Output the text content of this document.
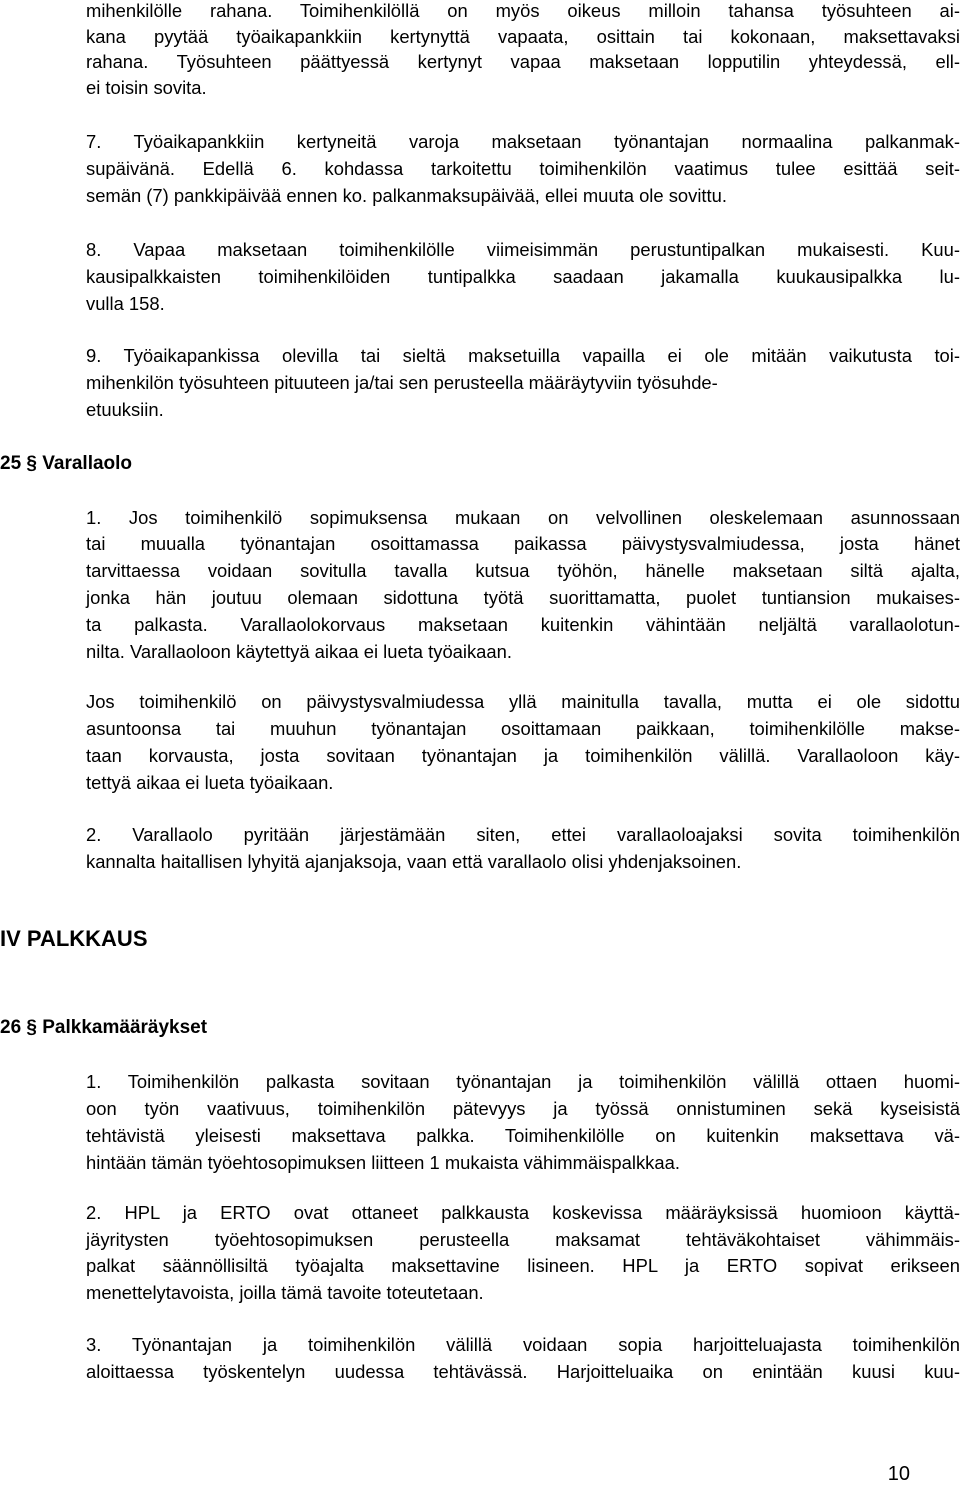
mihenkilölle rahana. Toimihenkilöllä on myös oikeus milloin tahansa työsuhteen ai-

kana pyytää työaikapankkiin kertynyttä vapaata, osittain tai kokonaan, maksettavaksi

rahana. Työsuhteen päättyessä kertynyt vapaa maksetaan lopputilin yhteydessä, ell-

ei toisin sovita.

7. Työaikapankkiin kertyneitä varoja maksetaan työnantajan normaalina palkanmak-

supäivänä. Edellä 6. kohdassa tarkoitettu toimihenkilön vaatimus tulee esittää seit-

semän (7) pankkipäivää ennen ko. palkanmaksupäivää, ellei muuta ole sovittu.

8. Vapaa maksetaan toimihenkilölle viimeisimmän perustuntipalkan mukaisesti. Kuu-

kausipalkkaisten toimihenkilöiden tuntipalkka saadaan jakamalla kuukausipalkka lu-

vulla 158.

9. Työaikapankissa olevilla tai sieltä maksetuilla vapailla ei ole mitään vaikutusta toi-

mihenkilön työsuhteen pituuteen ja/tai sen perusteella määräytyviin työsuhde-

etuuksiin.

25 § Varallaolo

1. Jos toimihenkilö sopimuksensa mukaan on velvollinen oleskelemaan asunnossaan

tai muualla työnantajan osoittamassa paikassa päivystysvalmiudessa, josta hänet

tarvittaessa voidaan sovitulla tavalla kutsua työhön, hänelle maksetaan siltä ajalta,

jonka hän joutuu olemaan sidottuna työtä suorittamatta, puolet tuntiansion mukaises-

ta palkasta. Varallaolokorvaus maksetaan kuitenkin vähintään neljältä varallaolotun-

nilta. Varallaoloon käytettyä aikaa ei lueta työaikaan.

Jos toimihenkilö on päivystysvalmiudessa yllä mainitulla tavalla, mutta ei ole sidottu

asuntoonsa tai muuhun työnantajan osoittamaan paikkaan, toimihenkilölle makse-

taan korvausta, josta sovitaan työnantajan ja toimihenkilön välillä. Varallaoloon käy-

tettyä aikaa ei lueta työaikaan.

2. Varallaolo pyritään järjestämään siten, ettei varallaoloajaksi sovita toimihenkilön

kannalta haitallisen lyhyitä ajanjaksoja, vaan että varallaolo olisi yhdenjaksoinen.

IV PALKKAUS
26 § Palkkamääräykset

1. Toimihenkilön palkasta sovitaan työnantajan ja toimihenkilön välillä ottaen huomi-

oon työn vaativuus, toimihenkilön pätevyys ja työssä onnistuminen sekä kyseisistä

tehtävistä yleisesti maksettava palkka. Toimihenkilölle on kuitenkin maksettava vä-

hintään tämän työehtosopimuksen liitteen 1 mukaista vähimmäispalkkaa.

2. HPL ja ERTO ovat ottaneet palkkausta koskevissa määräyksissä huomioon käyttä-

jäyritysten työehtosopimuksen perusteella maksamat tehtäväkohtaiset vähimmäis-

palkat säännöllisiltä työajalta maksettavine lisineen. HPL ja ERTO sopivat erikseen

menettelytavoista, joilla tämä tavoite toteutetaan.

3. Työnantajan ja toimihenkilön välillä voidaan sopia harjoitteluajasta toimihenkilön

aloittaessa työskentelyn uudessa tehtävässä. Harjoitteluaika on enintään kuusi kuu-

10
